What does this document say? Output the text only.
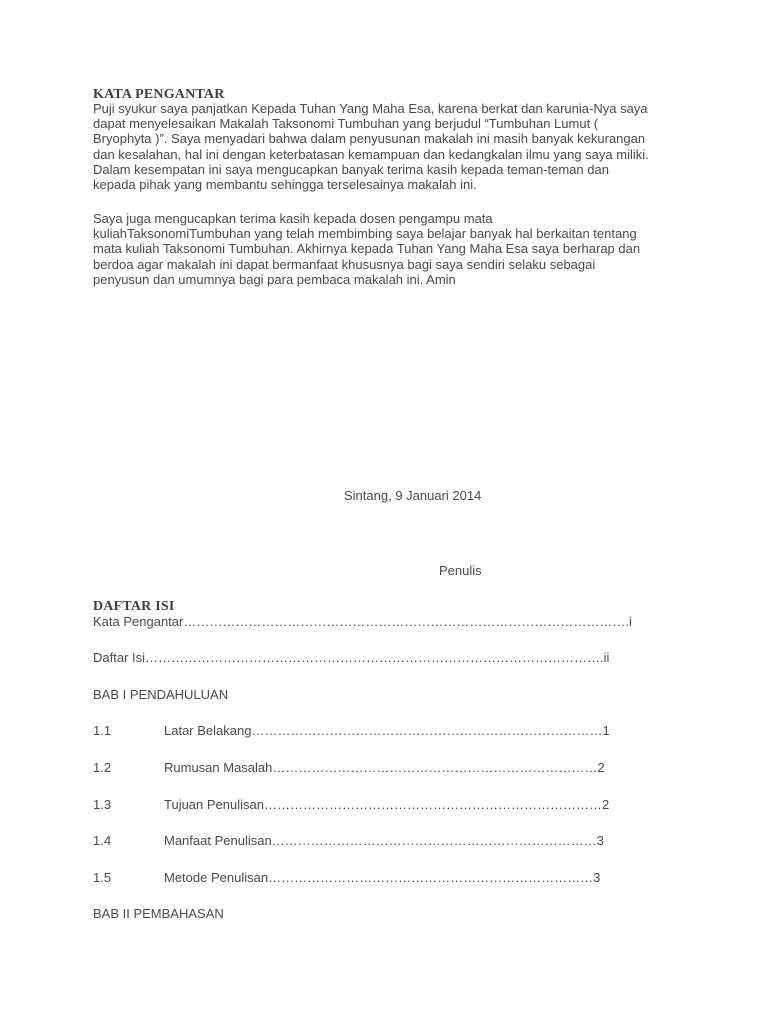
KATA PENGANTAR
Puji syukur saya panjatkan Kepada Tuhan Yang Maha Esa, karena berkat dan karunia-Nya saya
dapat menyelesaikan Makalah Taksonomi Tumbuhan yang berjudul “Tumbuhan Lumut (
Bryophyta )”. Saya menyadari bahwa dalam penyusunan makalah ini masih banyak kekurangan
dan kesalahan, hal ini dengan keterbatasan kemampuan dan kedangkalan ilmu yang saya miliki.
Dalam kesempatan ini saya mengucapkan banyak terima kasih kepada teman-teman dan
kepada pihak yang membantu sehingga terselesainya makalah ini.
Saya juga mengucapkan terima kasih kepada dosen pengampu mata
kuliahTaksonomiTumbuhan yang telah membimbing saya belajar banyak hal berkaitan tentang
mata kuliah Taksonomi Tumbuhan. Akhirnya kepada Tuhan Yang Maha Esa saya berharap dan
berdoa agar makalah ini dapat bermanfaat khususnya bagi saya sendiri selaku sebagai
penyusun dan umumnya bagi para pembaca makalah ini. Amin
Sintang, 9 Januari 2014
Penulis
DAFTAR ISI
Kata Pengantar………………………………………………………………………………………….i
Daftar Isi…………………………………………………………………………………………….ii
BAB I PENDAHULUAN
1.1	Latar Belakang………………………………………………………………………1
1.2	Rumusan Masalah…………………………………………………………………2
1.3	Tujuan Penulisan……………………………………………………………………2
1.4	Manfaat Penulisan…………………………………………………………………3
1.5	Metode Penulisan…………………………………………………………………3
BAB II PEMBAHASAN
